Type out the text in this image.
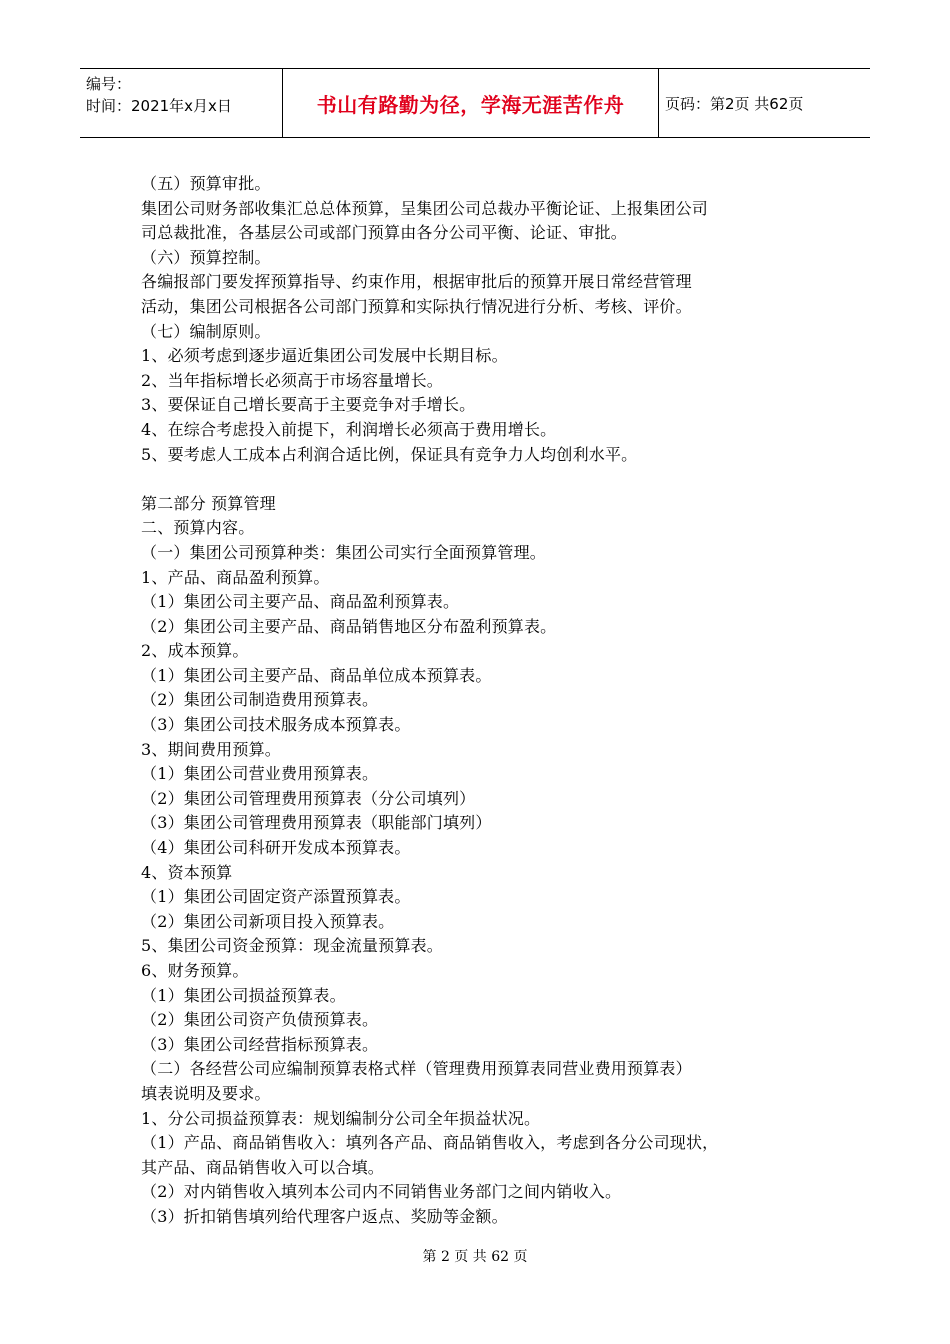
编号：
时间：2021年x月x日	书山有路勤为径，学海无涯苦作舟	页码：第2页 共62页
（五）预算审批。
集团公司财务部收集汇总总体预算，呈集团公司总裁办平衡论证、上报集团公司
司总裁批准，各基层公司或部门预算由各分公司平衡、论证、审批。
（六）预算控制。
各编报部门要发挥预算指导、约束作用，根据审批后的预算开展日常经营管理
活动，集团公司根据各公司部门预算和实际执行情况进行分析、考核、评价。
（七）编制原则。
1、必须考虑到逐步逼近集团公司发展中长期目标。
2、当年指标增长必须高于市场容量增长。
3、要保证自己增长要高于主要竞争对手增长。
4、在综合考虑投入前提下，利润增长必须高于费用增长。
5、要考虑人工成本占利润合适比例，保证具有竞争力人均创利水平。
第二部分 预算管理
二、预算内容。
（一）集团公司预算种类：集团公司实行全面预算管理。
1、产品、商品盈利预算。
（1）集团公司主要产品、商品盈利预算表。
（2）集团公司主要产品、商品销售地区分布盈利预算表。
2、成本预算。
（1）集团公司主要产品、商品单位成本预算表。
（2）集团公司制造费用预算表。
（3）集团公司技术服务成本预算表。
3、期间费用预算。
（1）集团公司营业费用预算表。
（2）集团公司管理费用预算表（分公司填列）
（3）集团公司管理费用预算表（职能部门填列）
（4）集团公司科研开发成本预算表。
4、资本预算
（1）集团公司固定资产添置预算表。
（2）集团公司新项目投入预算表。
5、集团公司资金预算：现金流量预算表。
6、财务预算。
（1）集团公司损益预算表。
（2）集团公司资产负债预算表。
（3）集团公司经营指标预算表。
（二）各经营公司应编制预算表格式样（管理费用预算表同营业费用预算表）
填表说明及要求。
1、分公司损益预算表：规划编制分公司全年损益状况。
（1）产品、商品销售收入：填列各产品、商品销售收入，考虑到各分公司现状，
其产品、商品销售收入可以合填。
（2）对内销售收入填列本公司内不同销售业务部门之间内销收入。
（3）折扣销售填列给代理客户返点、奖励等金额。
第 2 页 共 62 页
